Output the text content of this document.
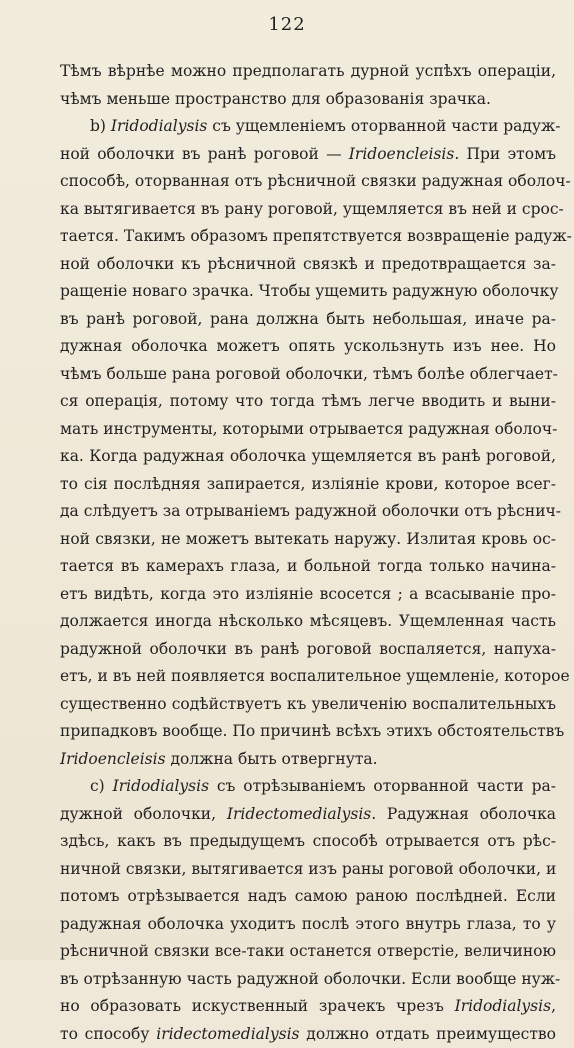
122
Тѣмъ вѣрнѣе можно предполагать дурной успѣхъ операцiи,
чѣмъ меньше пространство для образованiя зрачка.
b) Iridodialysis съ ущемленiемъ оторванной части радуж-
ной оболочки въ ранѣ роговой — Iridoencleisis. При этомъ
способѣ, оторванная отъ рѣсничной связки радужная оболоч-
ка вытягивается въ рану роговой, ущемляется въ ней и срос-
тается. Такимъ образомъ препятствуется возвращенiе радуж-
ной оболочки къ рѣсничной связкѣ и предотвращается за-
ращенiе новаго зрачка. Чтобы ущемить радужную оболочку
въ ранѣ роговой, рана должна быть небольшая, иначе ра-
дужная оболочка можетъ опять ускользнуть изъ нее. Но
чѣмъ больше рана роговой оболочки, тѣмъ болѣе облегчает-
ся операцiя, потому что тогда тѣмъ легче вводить и выни-
мать инструменты, которыми отрывается радужная оболоч-
ка. Когда радужная оболочка ущемляется въ ранѣ роговой,
то сiя послѣдняя запирается, излiянiе крови, которое всег-
да слѣдуетъ за отрыванiемъ радужной оболочки отъ рѣснич-
ной связки, не можетъ вытекать наружу. Излитая кровь ос-
тается въ камерахъ глаза, и больной тогда только начина-
етъ видѣть, когда это излiянiе всосется ; а всасыванiе про-
должается иногда нѣсколько мѣсяцевъ. Ущемленная часть
радужной оболочки въ ранѣ роговой воспаляется, напуха-
етъ, и въ ней появляется воспалительное ущемленiе, которое
существенно содѣйствуетъ къ увеличенiю воспалительныхъ
припадковъ вообще. По причинѣ всѣхъ этихъ обстоятельствъ
Iridoencleisis должна быть отвергнута.
c) Iridodialysis съ отрѣзыванiемъ оторванной части ра-
дужной оболочки, Iridectomedialysis. Радужная оболочка
здѣсь, какъ въ предыдущемъ способѣ отрывается отъ рѣс-
ничной связки, вытягивается изъ раны роговой оболочки, и
потомъ отрѣзывается надъ самою раною послѣдней. Если
радужная оболочка уходитъ послѣ этого внутрь глаза, то у
рѣсничной связки все-таки останется отверстiе, величиною
въ отрѣзанную часть радужной оболочки. Если вообще нуж-
но образовать искуственный зрачекъ чрезъ Iridodialysis,
то способу iridectomedialysis должно отдать преимущество
